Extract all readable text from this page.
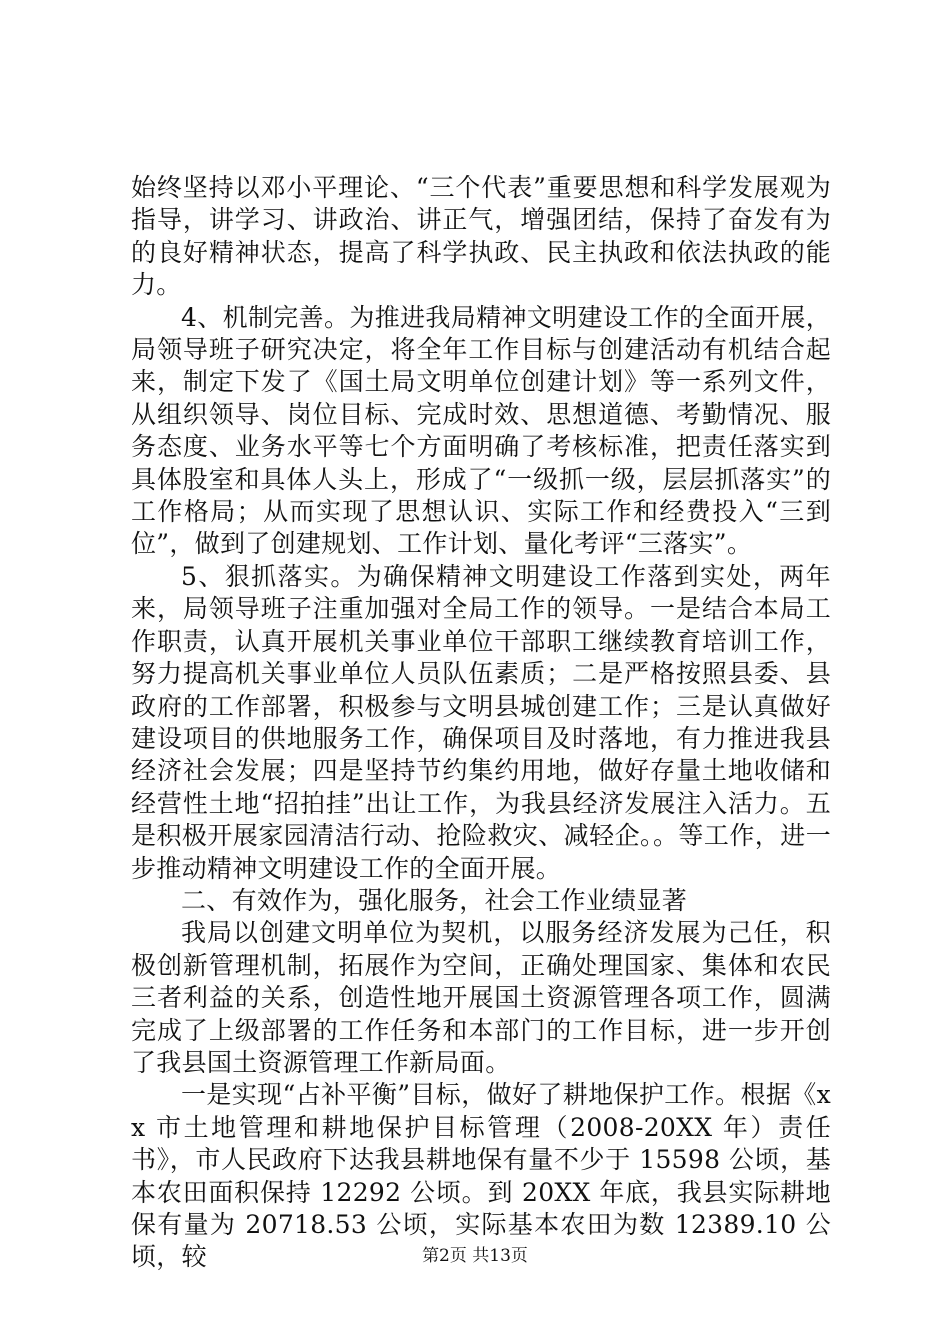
始终坚持以邓小平理论、“三个代表”重要思想和科学发展观为指导，讲学习、讲政治、讲正气，增强团结，保持了奋发有为的良好精神状态，提高了科学执政、民主执政和依法执政的能力。

4、机制完善。为推进我局精神文明建设工作的全面开展，局领导班子研究决定，将全年工作目标与创建活动有机结合起来，制定下发了《国土局文明单位创建计划》等一系列文件，从组织领导、岗位目标、完成时效、思想道德、考勤情况、服务态度、业务水平等七个方面明确了考核标准，把责任落实到具体股室和具体人头上，形成了“一级抓一级，层层抓落实”的工作格局；从而实现了思想认识、实际工作和经费投入“三到位”，做到了创建规划、工作计划、量化考评“三落实”。

5、狠抓落实。为确保精神文明建设工作落到实处，两年来，局领导班子注重加强对全局工作的领导。一是结合本局工作职责，认真开展机关事业单位干部职工继续教育培训工作，努力提高机关事业单位人员队伍素质；二是严格按照县委、县政府的工作部署，积极参与文明县城创建工作；三是认真做好建设项目的供地服务工作，确保项目及时落地，有力推进我县经济社会发展；四是坚持节约集约用地，做好存量土地收储和经营性土地“招拍挂”出让工作，为我县经济发展注入活力。五是积极开展家园清洁行动、抢险救灾、减轻企。。等工作，进一步推动精神文明建设工作的全面开展。

二、有效作为，强化服务，社会工作业绩显著

我局以创建文明单位为契机，以服务经济发展为己任，积极创新管理机制，拓展作为空间，正确处理国家、集体和农民三者利益的关系，创造性地开展国土资源管理各项工作，圆满完成了上级部署的工作任务和本部门的工作目标，进一步开创了我县国土资源管理工作新局面。

一是实现“占补平衡”目标，做好了耕地保护工作。根据《xx 市土地管理和耕地保护目标管理（2008-20XX 年）责任书》，市人民政府下达我县耕地保有量不少于 15598 公顷，基本农田面积保持 12292 公顷。到 20XX 年底，我县实际耕地保有量为 20718.53 公顷，实际基本农田为数 12389.10 公顷，较	第2页 共13页
